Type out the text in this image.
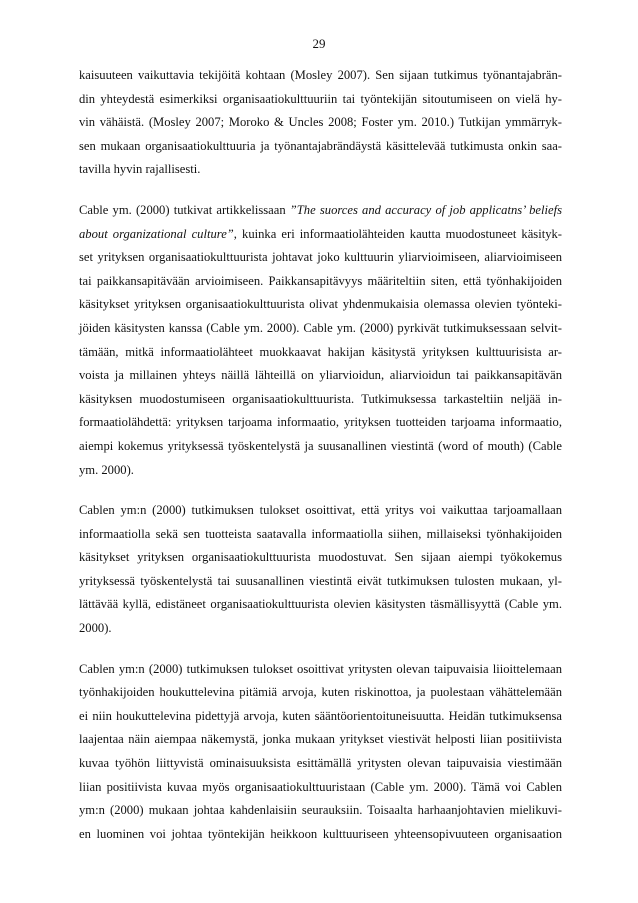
29
kaisuuteen vaikuttavia tekijöitä kohtaan (Mosley 2007). Sen sijaan tutkimus työnantajabrän-
din yhteydestä esimerkiksi organisaatiokulttuuriin tai työntekijän sitoutumiseen on vielä hy-
vin vähäistä. (Mosley 2007; Moroko & Uncles 2008; Foster ym. 2010.) Tutkijan ymmärryk-
sen mukaan organisaatiokulttuuria ja työnantajabrändäystä käsittelevää tutkimusta onkin saa-
tavilla hyvin rajallisesti.
Cable ym. (2000) tutkivat artikkelissaan ”The suorces and accuracy of job applicatns’ beliefs
about organizational culture”, kuinka eri informaatiolähteiden kautta muodostuneet käsityk-
set yrityksen organisaatiokulttuurista johtavat joko kulttuurin yliarvioimiseen, aliarvioimiseen
tai paikkansapitävään arvioimiseen. Paikkansapitävyys määriteltiin siten, että työnhakijoiden
käsitykset yrityksen organisaatiokulttuurista olivat yhdenmukaisia olemassa olevien työnteki-
jöiden käsitysten kanssa (Cable ym. 2000). Cable ym. (2000) pyrkivät tutkimuksessaan selvit-
tämään, mitkä informaatiolähteet muokkaavat hakijan käsitystä yrityksen kulttuurisista ar-
voista ja millainen yhteys näillä lähteillä on yliarvioidun, aliarvioidun tai paikkansapitävän
käsityksen muodostumiseen organisaatiokulttuurista. Tutkimuksessa tarkasteltiin neljää in-
formaatiolähdettä: yrityksen tarjoama informaatio, yrityksen tuotteiden tarjoama informaatio,
aiempi kokemus yrityksessä työskentelystä ja suusanallinen viestintä (word of mouth) (Cable
ym. 2000).
Cablen ym:n (2000) tutkimuksen tulokset osoittivat, että yritys voi vaikuttaa tarjoamallaan
informaatiolla sekä sen tuotteista saatavalla informaatiolla siihen, millaiseksi työnhakijoiden
käsitykset yrityksen organisaatiokulttuurista muodostuvat. Sen sijaan aiempi työkokemus
yrityksessä työskentelystä tai suusanallinen viestintä eivät tutkimuksen tulosten mukaan, yl-
lättävää kyllä, edistäneet organisaatiokulttuurista olevien käsitysten täsmällisyyttä (Cable ym.
2000).
Cablen ym:n (2000) tutkimuksen tulokset osoittivat yritysten olevan taipuvaisia liioittelemaan
työnhakijoiden houkuttelevina pitämiä arvoja, kuten riskinottoa, ja puolestaan vähättelemään
ei niin houkuttelevina pidettyjä arvoja, kuten sääntöorientoituneisuutta. Heidän tutkimuksensa
laajentaa näin aiempaa näkemystä, jonka mukaan yritykset viestivät helposti liian positiivista
kuvaa työhön liittyvistä ominaisuuksista esittämällä yritysten olevan taipuvaisia viestimään
liian positiivista kuvaa myös organisaatiokulttuuristaan (Cable ym. 2000). Tämä voi Cablen
ym:n (2000) mukaan johtaa kahdenlaisiin seurauksiin. Toisaalta harhaanjohtavien mielikuvi-
en luominen voi johtaa työntekijän heikkoon kulttuuriseen yhteensopivuuteen organisaation
